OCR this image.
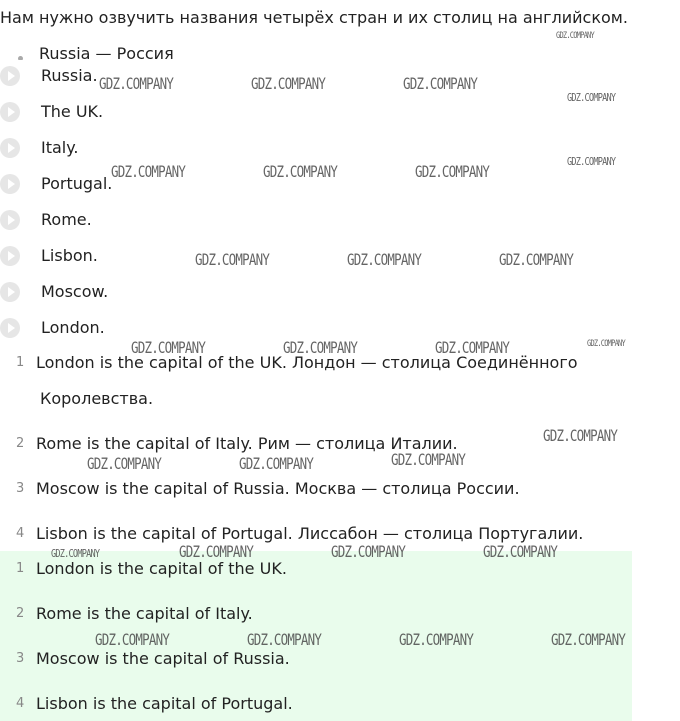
Нам нужно озвучить названия четырёх стран и их столиц на английском.
Russia — Россия
Russia.
The UK.
Italy.
Portugal.
Rome.
Lisbon.
Moscow.
London.
1 London is the capital of the UK. Лондон — столица Соединённого
Королевства.
2 Rome is the capital of Italy. Рим — столица Италии.
3 Moscow is the capital of Russia. Москва — столица России.
4 Lisbon is the capital of Portugal. Лиссабон — столица Португалии.
1 London is the capital of the UK.
2 Rome is the capital of Italy.
3 Moscow is the capital of Russia.
4 Lisbon is the capital of Portugal.
GDZ.COMPANY
GDZ.COMPANY	GDZ.COMPANY	GDZ.COMPANY
GDZ.COMPANY
GDZ.COMPANY
GDZ.COMPANY	GDZ.COMPANY	GDZ.COMPANY
GDZ.COMPANY	GDZ.COMPANY	GDZ.COMPANY
GDZ.COMPANY	GDZ.COMPANY	GDZ.COMPANY	GDZ.COMPANY
GDZ.COMPANY
GDZ.COMPANY
GDZ.COMPANY	GDZ.COMPANY
GDZ.COMPANY	GDZ.COMPANY	GDZ.COMPANY	GDZ.COMPANY
GDZ.COMPANY	GDZ.COMPANY	GDZ.COMPANY	GDZ.COMPANY
